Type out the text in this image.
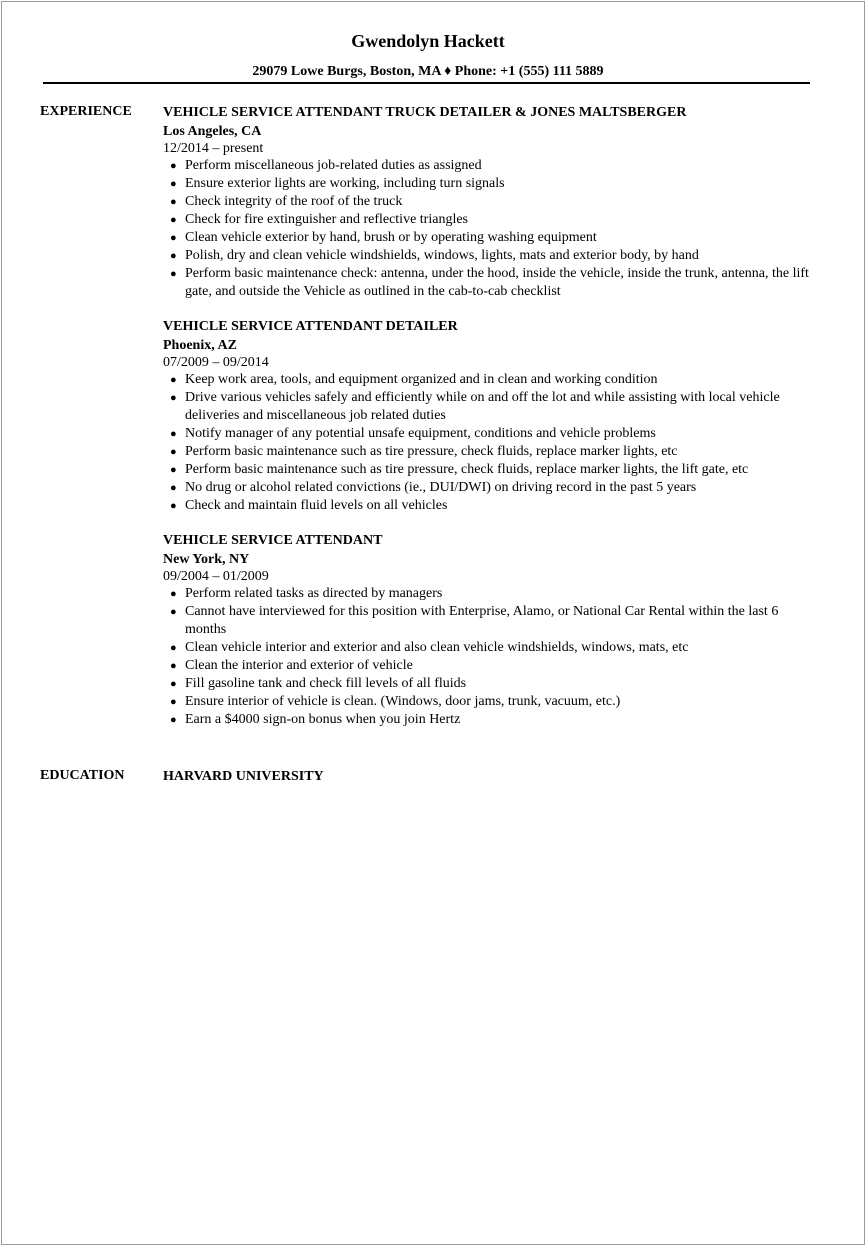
Gwendolyn Hackett
29079 Lowe Burgs, Boston, MA ♦ Phone: +1 (555) 111 5889
EXPERIENCE VEHICLE SERVICE ATTENDANT TRUCK DETAILER & JONES MALTSBERGER
Los Angeles, CA
12/2014 – present
● Perform miscellaneous job-related duties as assigned
● Ensure exterior lights are working, including turn signals
● Check integrity of the roof of the truck
● Check for fire extinguisher and reflective triangles
● Clean vehicle exterior by hand, brush or by operating washing equipment
● Polish, dry and clean vehicle windshields, windows, lights, mats and exterior body, by hand
● Perform basic maintenance check: antenna, under the hood, inside the vehicle, inside the trunk, antenna, the lift gate, and outside the Vehicle as outlined in the cab-to-cab checklist
VEHICLE SERVICE ATTENDANT DETAILER
Phoenix, AZ
07/2009 – 09/2014
● Keep work area, tools, and equipment organized and in clean and working condition
● Drive various vehicles safely and efficiently while on and off the lot and while assisting with local vehicle deliveries and miscellaneous job related duties
● Notify manager of any potential unsafe equipment, conditions and vehicle problems
● Perform basic maintenance such as tire pressure, check fluids, replace marker lights, etc
● Perform basic maintenance such as tire pressure, check fluids, replace marker lights, the lift gate, etc
● No drug or alcohol related convictions (ie., DUI/DWI) on driving record in the past 5 years
● Check and maintain fluid levels on all vehicles
VEHICLE SERVICE ATTENDANT
New York, NY
09/2004 – 01/2009
● Perform related tasks as directed by managers
● Cannot have interviewed for this position with Enterprise, Alamo, or National Car Rental within the last 6 months
● Clean vehicle interior and exterior and also clean vehicle windshields, windows, mats, etc
● Clean the interior and exterior of vehicle
● Fill gasoline tank and check fill levels of all fluids
● Ensure interior of vehicle is clean. (Windows, door jams, trunk, vacuum, etc.)
● Earn a $4000 sign-on bonus when you join Hertz
EDUCATION	HARVARD UNIVERSITY
